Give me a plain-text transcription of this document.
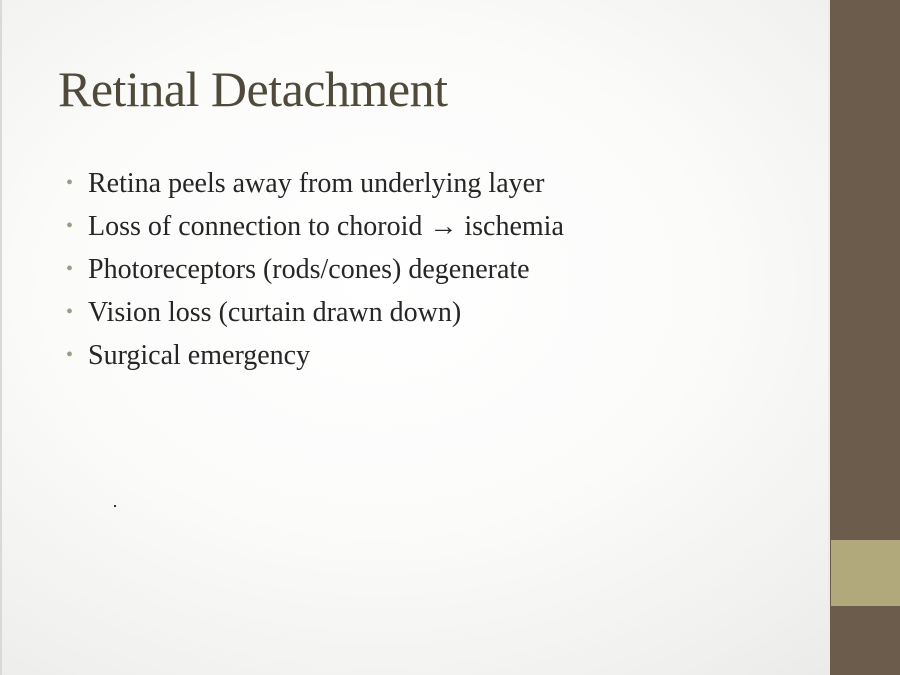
Retinal Detachment
• Retina peels away from underlying layer
• Loss of connection to choroid → ischemia
• Photoreceptors (rods/cones) degenerate
• Vision loss (curtain drawn down)
• Surgical emergency
